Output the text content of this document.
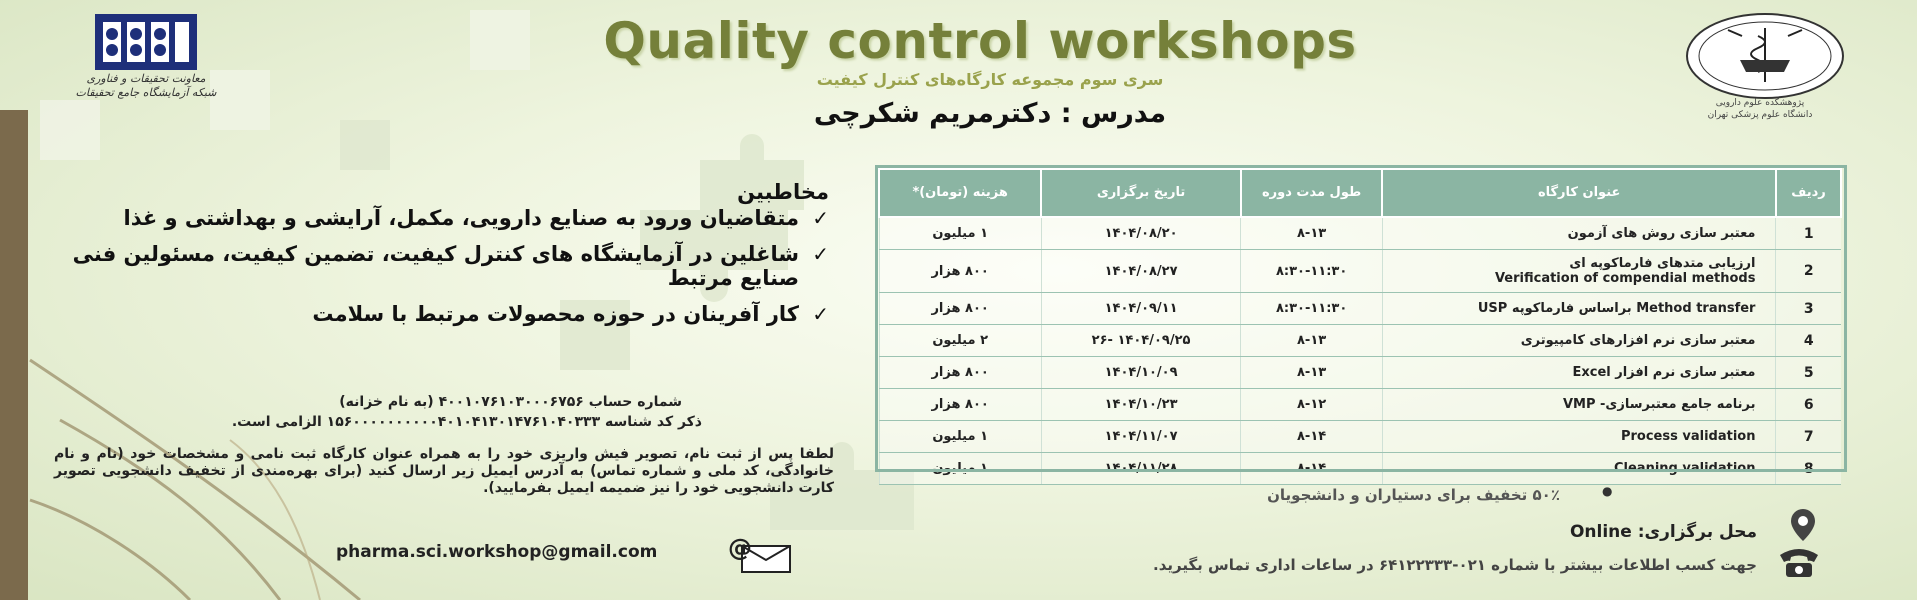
معاونت تحقیقات و فناوری
شبکه آزمایشگاه جامع تحقیقات
پژوهشکده علوم دارویی
دانشگاه علوم پزشکی تهران
Quality control workshops
سری سوم مجموعه کارگاه‌های کنترل کیفیت
مدرس : دکترمریم شکرچی
ردیف	عنوان کارگاه	طول مدت دوره	تاریخ برگزاری	هزینه (تومان)*
1	معتبر سازی روش های آزمون	۸-۱۳	۱۴۰۴/۰۸/۲۰	۱ میلیون
2	ارزیابی متدهای فارماکوپه ای
Verification of compendial methods	۸:۳۰-۱۱:۳۰	۱۴۰۴/۰۸/۲۷	۸۰۰ هزار
3	Method transfer براساس فارماکوپه USP	۸:۳۰-۱۱:۳۰	۱۴۰۴/۰۹/۱۱	۸۰۰ هزار
4	معتبر سازی نرم افزارهای کامپیوتری	۸-۱۳	۱۴۰۴/۰۹/۲۵ -۲۶	۲ میلیون
5	معتبر سازی نرم افزار Excel	۸-۱۳	۱۴۰۴/۱۰/۰۹	۸۰۰ هزار
6	برنامه جامع معتبرسازی- VMP	۸-۱۲	۱۴۰۴/۱۰/۲۳	۸۰۰ هزار
7	Process validation	۸-۱۴	۱۴۰۴/۱۱/۰۷	۱ میلیون
8	Cleaning validation	۸-۱۴	۱۴۰۴/۱۱/۲۸	۱ میلیون
مخاطبین
✓
متقاضیان ورود به صنایع دارویی، مکمل، آرایشی و بهداشتی و غذا
✓
شاغلین در آزمایشگاه های کنترل کیفیت، تضمین کیفیت، مسئولین فنی صنایع مرتبط
✓
کار آفرینان در حوزه محصولات مرتبط با سلامت
شماره حساب ۴۰۰۱۰۷۶۱۰۳۰۰۰۶۷۵۶ (به نام خزانه)
ذکر کد شناسه ۱۵۶۰۰۰۰۰۰۰۰۰۰۴۰۱۰۴۱۳۰۱۴۷۶۱۰۴۰۳۳۳ الزامی است.
لطفا پس از ثبت نام، تصویر فیش واریزی خود را به همراه عنوان کارگاه ثبت نامی و مشخصات خود (نام و نام خانوادگی، کد ملی و شماره تماس) به آدرس ایمیل زیر ارسال کنید (برای بهره‌مندی از تخفیف دانشجویی تصویر کارت دانشجویی خود را نیز ضمیمه ایمیل بفرمایید).
pharma.sci.workshop@gmail.com	@
●
۵۰٪ تخفیف برای دستیاران و دانشجویان
محل برگزاری: Online
جهت کسب اطلاعات بیشتر با شماره ۰۲۱-۶۴۱۲۲۳۳۳ در ساعات اداری تماس بگیرید.
